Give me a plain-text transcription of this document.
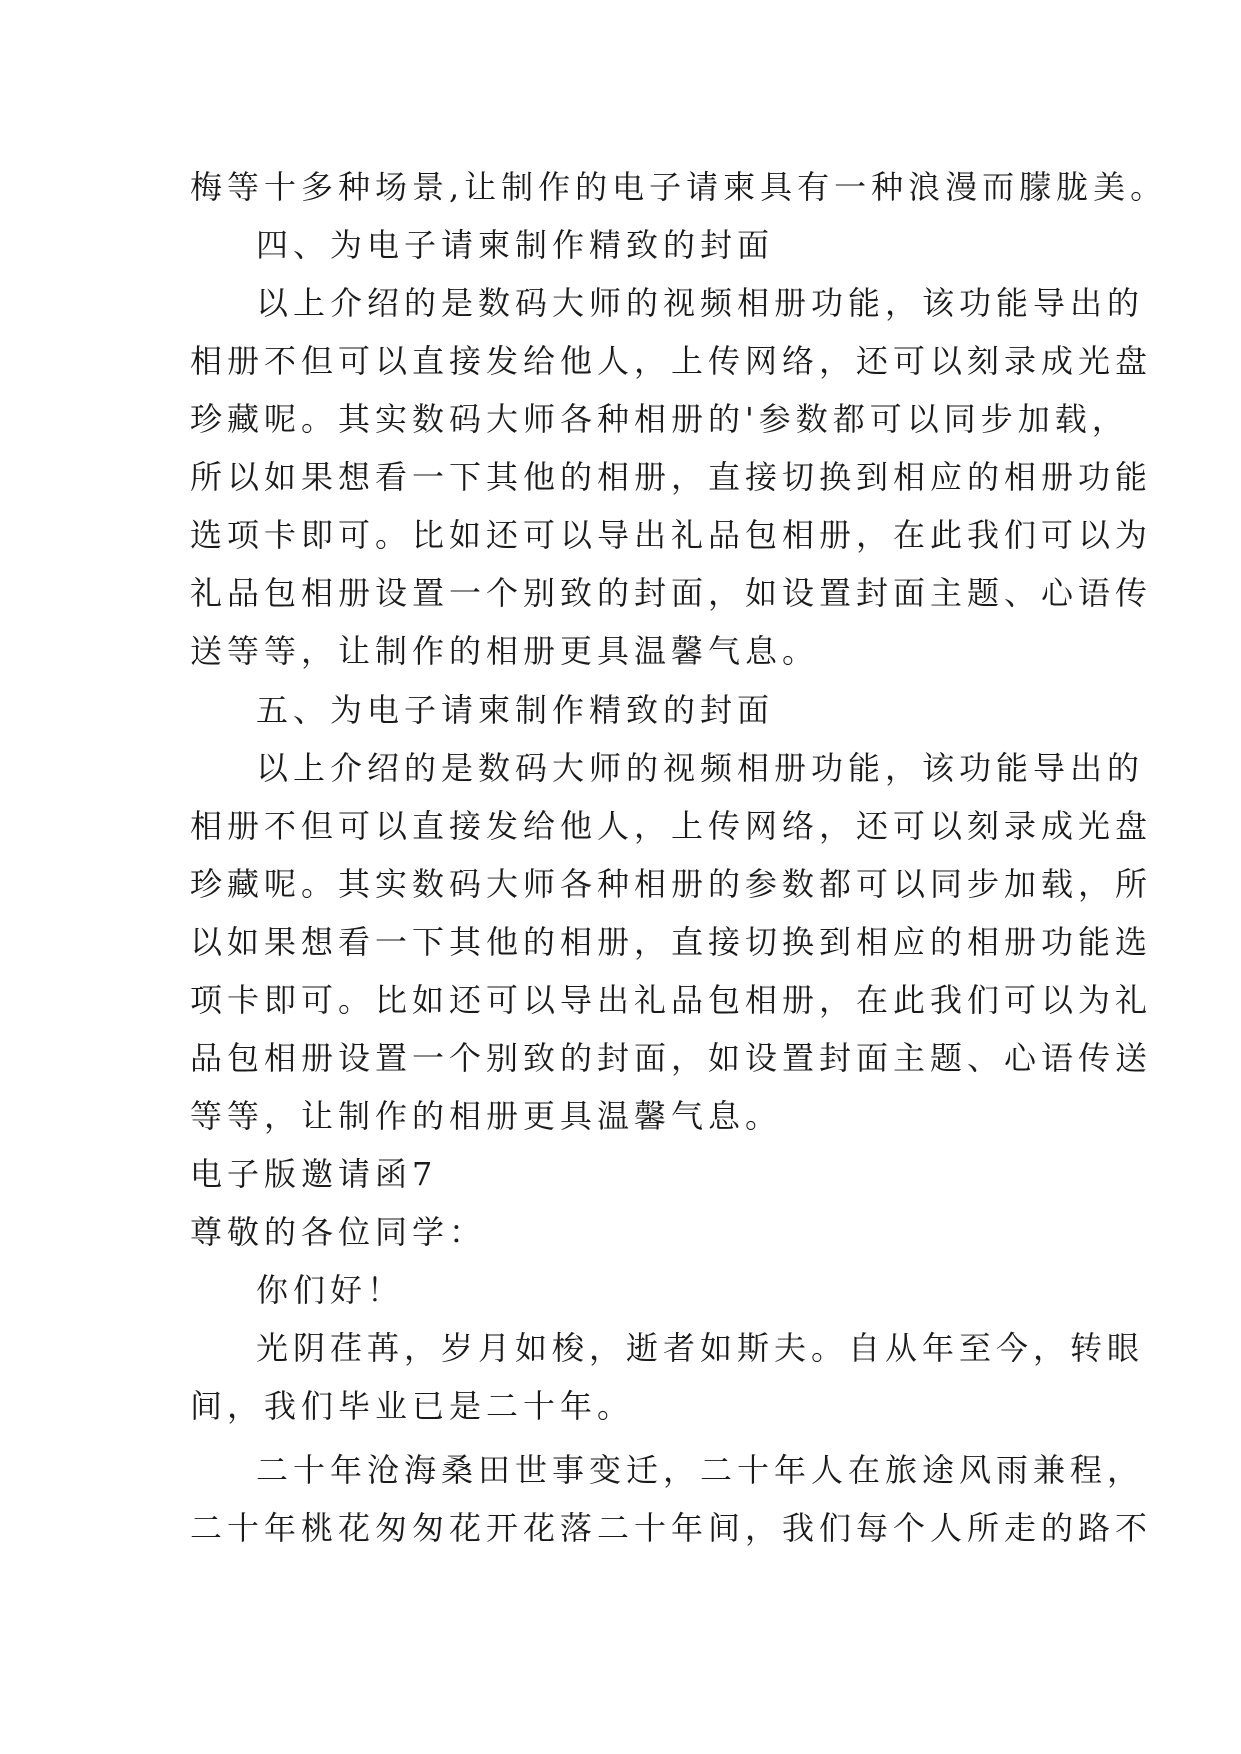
梅等十多种场景,让制作的电子请柬具有一种浪漫而朦胧美。
四、为电子请柬制作精致的封面
以上介绍的是数码大师的视频相册功能，该功能导出的
相册不但可以直接发给他人，上传网络，还可以刻录成光盘
珍藏呢。其实数码大师各种相册的'参数都可以同步加载，
所以如果想看一下其他的相册，直接切换到相应的相册功能
选项卡即可。比如还可以导出礼品包相册，在此我们可以为
礼品包相册设置一个别致的封面，如设置封面主题、心语传
送等等，让制作的相册更具温馨气息。
五、为电子请柬制作精致的封面
以上介绍的是数码大师的视频相册功能，该功能导出的
相册不但可以直接发给他人，上传网络，还可以刻录成光盘
珍藏呢。其实数码大师各种相册的参数都可以同步加载，所
以如果想看一下其他的相册，直接切换到相应的相册功能选
项卡即可。比如还可以导出礼品包相册，在此我们可以为礼
品包相册设置一个别致的封面，如设置封面主题、心语传送
等等，让制作的相册更具温馨气息。
电子版邀请函7
尊敬的各位同学：
你们好！
光阴荏苒，岁月如梭，逝者如斯夫。自从年至今，转眼
间，我们毕业已是二十年。
二十年沧海桑田世事变迁，二十年人在旅途风雨兼程，
二十年桃花匆匆花开花落二十年间，我们每个人所走的路不
